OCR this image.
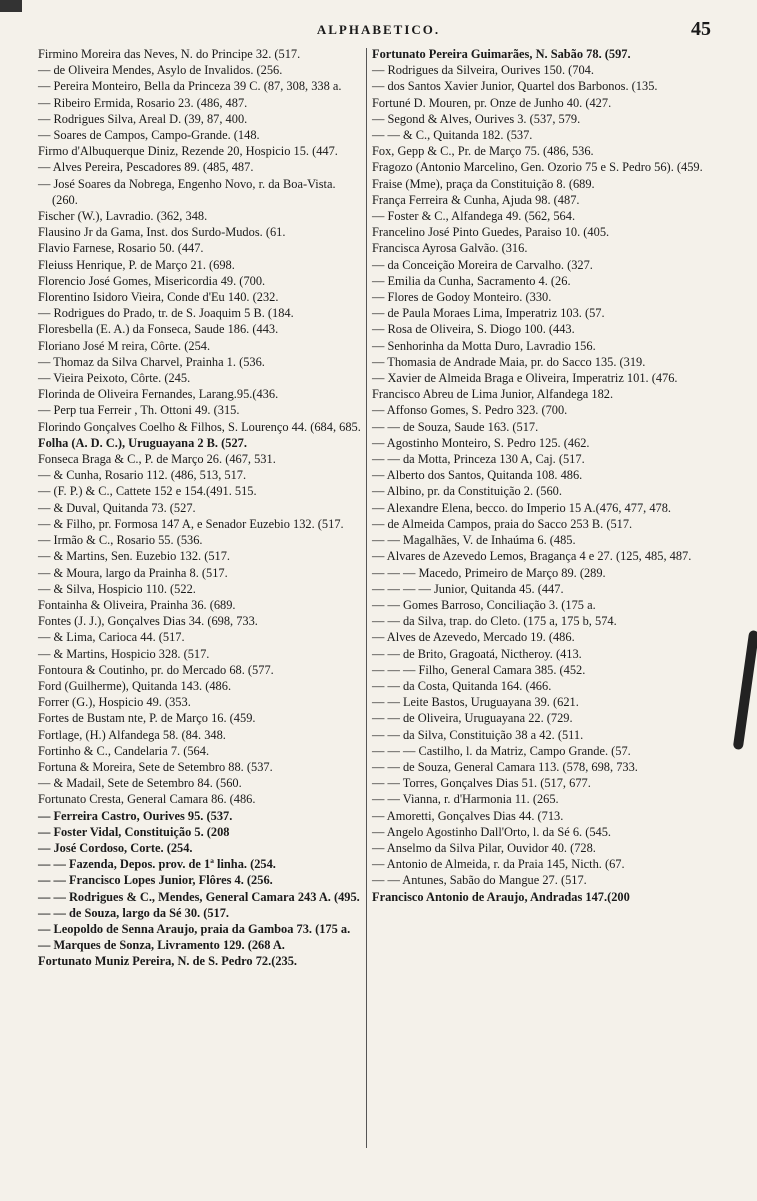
ALPHABETICO.	45
Firmino Moreira das Neves, N. do Principe 32. (517.
— de Oliveira Mendes, Asylo de Invalidos. (256.
— Pereira Monteiro, Bella da Princeza 39 C. (87, 308, 338 a.
— Ribeiro Ermida, Rosario 23. (486, 487.
— Rodrigues Silva, Areal D. (39, 87, 400.
— Soares de Campos, Campo-Grande. (148.
Firmo d'Albuquerque Diniz, Rezende 20, Hospicio 15. (447.
— Alves Pereira, Pescadores 89. (485, 487.
— José Soares da Nobrega, Engenho Novo, r. da Boa-Vista. (260.
Fischer (W.), Lavradio. (362, 348.
Flausino Jr da Gama, Inst. dos Surdo-Mudos. (61.
Flavio Farnese, Rosario 50. (447.
Fleiuss Henrique, P. de Março 21. (698.
Florencio José Gomes, Misericordia 49. (700.
Florentino Isidoro Vieira, Conde d'Eu 140. (232.
— Rodrigues do Prado, tr. de S. Joaquim 5 B. (184.
Floresbella (E. A.) da Fonseca, Saude 186. (443.
Floriano José M reira, Côrte. (254.
— Thomaz da Silva Charvel, Prainha 1. (536.
— Vieira Peixoto, Côrte. (245.
Florinda de Oliveira Fernandes, Larang.95.(436.
— Perp tua Ferreir , Th. Ottoni 49. (315.
Florindo Gonçalves Coelho & Filhos, S. Lourenço 44. (684, 685.
Folha (A. D. C.), Uruguayana 2 B. (527.
Fonseca Braga & C., P. de Março 26. (467, 531.
— & Cunha, Rosario 112. (486, 513, 517.
— (F. P.) & C., Cattete 152 e 154.(491. 515.
— & Duval, Quitanda 73. (527.
— & Filho, pr. Formosa 147 A, e Senador Euzebio 132. (517.
— Irmão & C., Rosario 55. (536.
— & Martins, Sen. Euzebio 132. (517.
— & Moura, largo da Prainha 8. (517.
— & Silva, Hospicio 110. (522.
Fontainha & Oliveira, Prainha 36. (689.
Fontes (J. J.), Gonçalves Dias 34. (698, 733.
— & Lima, Carioca 44. (517.
— & Martins, Hospicio 328. (517.
Fontoura & Coutinho, pr. do Mercado 68. (577.
Ford (Guilherme), Quitanda 143. (486.
Forrer (G.), Hospicio 49. (353.
Fortes de Bustam nte, P. de Março 16. (459.
Fortlage, (H.) Alfandega 58. (84. 348.
Fortinho & C., Candelaria 7. (564.
Fortuna & Moreira, Sete de Setembro 88. (537.
— & Madail, Sete de Setembro 84. (560.
Fortunato Cresta, General Camara 86. (486.
— Ferreira Castro, Ourives 95. (537.
— Foster Vidal, Constituição 5. (208
— José Cordoso, Corte. (254.
— — Fazenda, Depos. prov. de 1ª linha. (254.
— — Francisco Lopes Junior, Flôres 4. (256.
— — Rodrigues & C., Mendes, General Camara 243 A. (495.
— — de Souza, largo da Sé 30. (517.
— Leopoldo de Senna Araujo, praia da Gamboa 73. (175 a.
— Marques de Sonza, Livramento 129. (268 A.
Fortunato Muniz Pereira, N. de S. Pedro 72.(235.
Fortunato Pereira Guimarães, N. Sabão 78. (597.
— Rodrigues da Silveira, Ourives 150. (704.
— dos Santos Xavier Junior, Quartel dos Barbonos. (135.
Fortuné D. Mouren, pr. Onze de Junho 40. (427.
— Segond & Alves, Ourives 3. (537, 579.
— — & C., Quitanda 182. (537.
Fox, Gepp & C., Pr. de Março 75. (486, 536.
Fragozo (Antonio Marcelino, Gen. Ozorio 75 e S. Pedro 56). (459.
Fraise (Mme), praça da Constituição 8. (689.
França Ferreira & Cunha, Ajuda 98. (487.
— Foster & C., Alfandega 49. (562, 564.
Francelino José Pinto Guedes, Paraiso 10. (405.
Francisca Ayrosa Galvão. (316.
— da Conceição Moreira de Carvalho. (327.
— Emilia da Cunha, Sacramento 4. (26.
— Flores de Godoy Monteiro. (330.
— de Paula Moraes Lima, Imperatriz 103. (57.
— Rosa de Oliveira, S. Diogo 100. (443.
— Senhorinha da Motta Duro, Lavradio 156.
— Thomasia de Andrade Maia, pr. do Sacco 135. (319.
— Xavier de Almeida Braga e Oliveira, Imperatriz 101. (476.
Francisco Abreu de Lima Junior, Alfandega 182.
— Affonso Gomes, S. Pedro 323. (700.
— — de Souza, Saude 163. (517.
— Agostinho Monteiro, S. Pedro 125. (462.
— — da Motta, Princeza 130 A, Caj. (517.
— Alberto dos Santos, Quitanda 108. 486.
— Albino, pr. da Constituição 2. (560.
— Alexandre Elena, becco. do Imperio 15 A.(476, 477, 478.
— de Almeida Campos, praia do Sacco 253 B. (517.
— — Magalhães, V. de Inhaúma 6. (485.
— Alvares de Azevedo Lemos, Bragança 4 e 27. (125, 485, 487.
— — — Macedo, Primeiro de Março 89. (289.
— — — — Junior, Quitanda 45. (447.
— — Gomes Barroso, Conciliação 3. (175 a.
— — da Silva, trap. do Cleto. (175 a, 175 b, 574.
— Alves de Azevedo, Mercado 19. (486.
— — de Brito, Gragoatá, Nictheroy. (413.
— — — Filho, General Camara 385. (452.
— — da Costa, Quitanda 164. (466.
— — Leite Bastos, Uruguayana 39. (621.
— — de Oliveira, Uruguayana 22. (729.
— — da Silva, Constituição 38 a 42. (511.
— — — Castilho, l. da Matriz, Campo Grande. (57.
— — de Souza, General Camara 113. (578, 698, 733.
— — Torres, Gonçalves Dias 51. (517, 677.
— — Vianna, r. d'Harmonia 11. (265.
— Amoretti, Gonçalves Dias 44. (713.
— Angelo Agostinho Dall'Orto, l. da Sé 6. (545.
— Anselmo da Silva Pilar, Ouvidor 40. (728.
— Antonio de Almeida, r. da Praia 145, Nicth. (67.
— — Antunes, Sabão do Mangue 27. (517.
Francisco Antonio de Araujo, Andradas 147.(200
